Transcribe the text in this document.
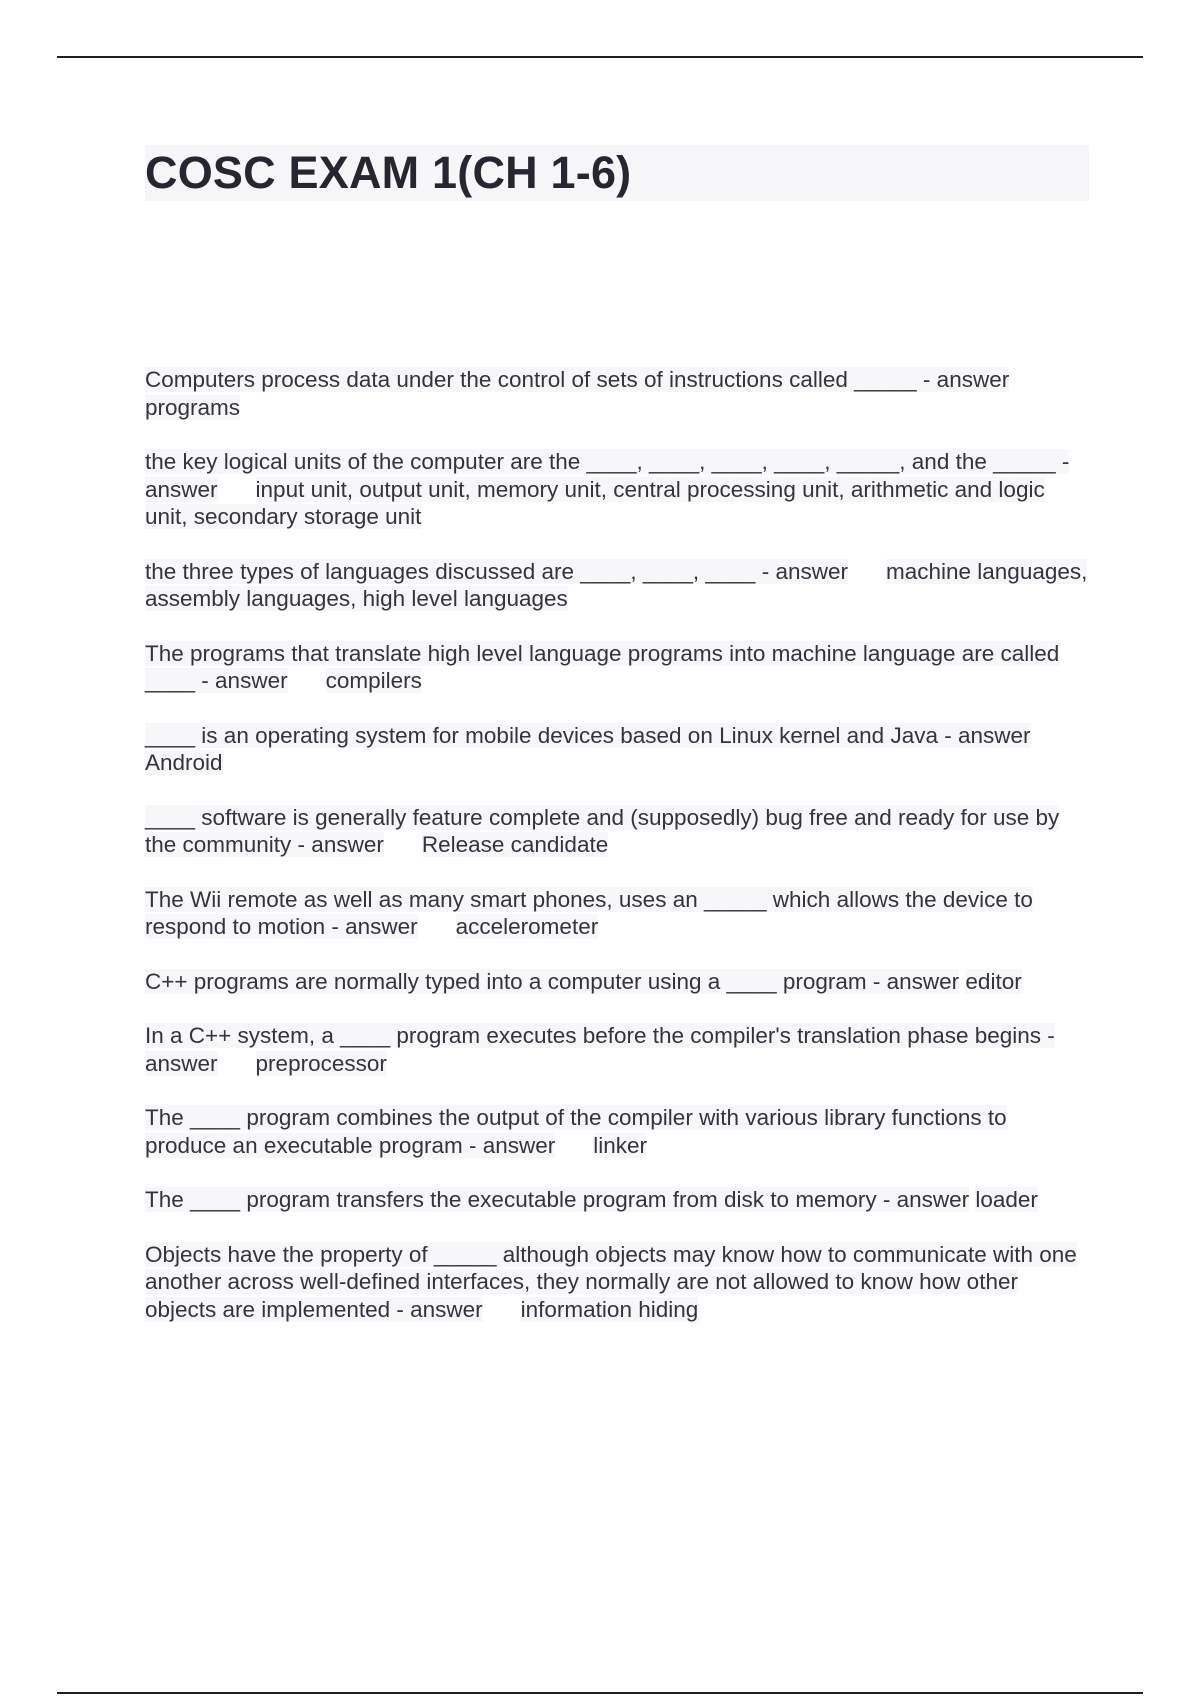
COSC EXAM 1(CH 1-6)

Computers process data under the control of sets of instructions called _____ - answer programs

the key logical units of the computer are the ____, ____, ____, ____, _____, and the _____ - answer input unit, output unit, memory unit, central processing unit, arithmetic and logic unit, secondary storage unit

the three types of languages discussed are ____, ____, ____ - answer machine languages, assembly languages, high level languages

The programs that translate high level language programs into machine language are called ____ - answer compilers

____ is an operating system for mobile devices based on Linux kernel and Java - answerAndroid

____ software is generally feature complete and (supposedly) bug free and ready for use by the community - answer Release candidate

The Wii remote as well as many smart phones, uses an _____ which allows the device to respond to motion - answer accelerometer

C++ programs are normally typed into a computer using a ____ program - answer editor

In a C++ system, a ____ program executes before the compiler's translation phase begins - answer preprocessor

The ____ program combines the output of the compiler with various library functions to produce an executable program - answer linker

The ____ program transfers the executable program from disk to memory - answer loader

Objects have the property of _____ although objects may know how to communicate with one another across well-defined interfaces, they normally are not allowed to know how other objects are implemented - answer information hiding
